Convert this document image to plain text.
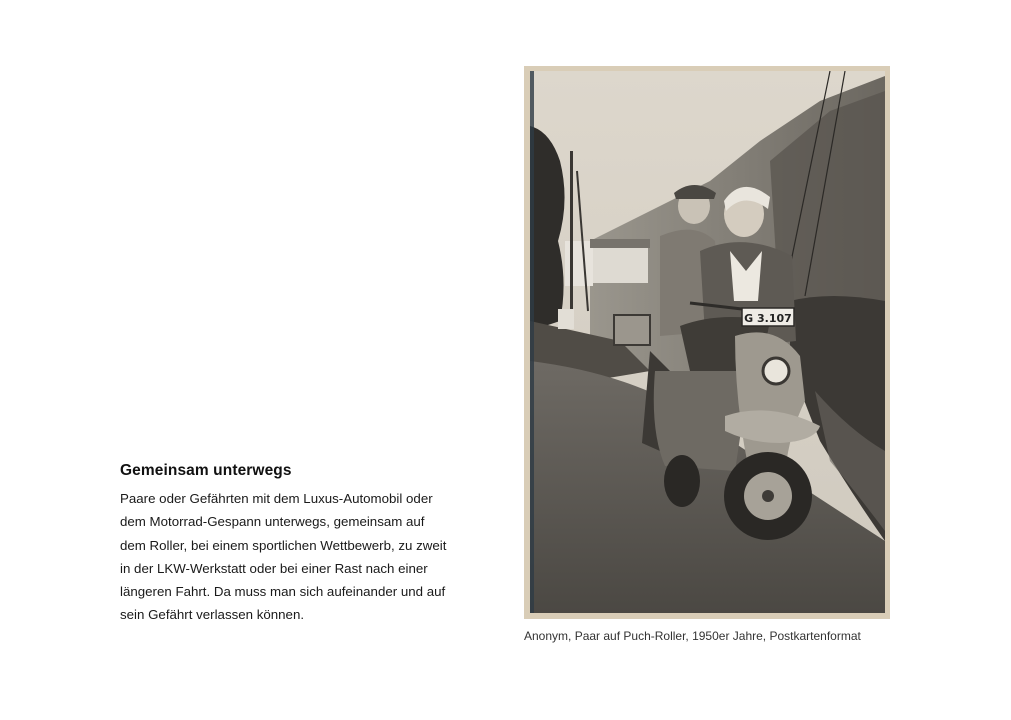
Gemeinsam unterwegs

Paare oder Gefährten mit dem Luxus-Automobil oder
dem Motorrad-Gespann unterwegs, gemeinsam auf
dem Roller, bei einem sportlichen Wettbewerb, zu zweit
in der LKW-Werkstatt oder bei einer Rast nach einer
längeren Fahrt. Da muss man sich aufeinander und auf
sein Gefährt verlassen können.

G 3.107
Anonym, Paar auf Puch-Roller, 1950er Jahre, Postkartenformat
